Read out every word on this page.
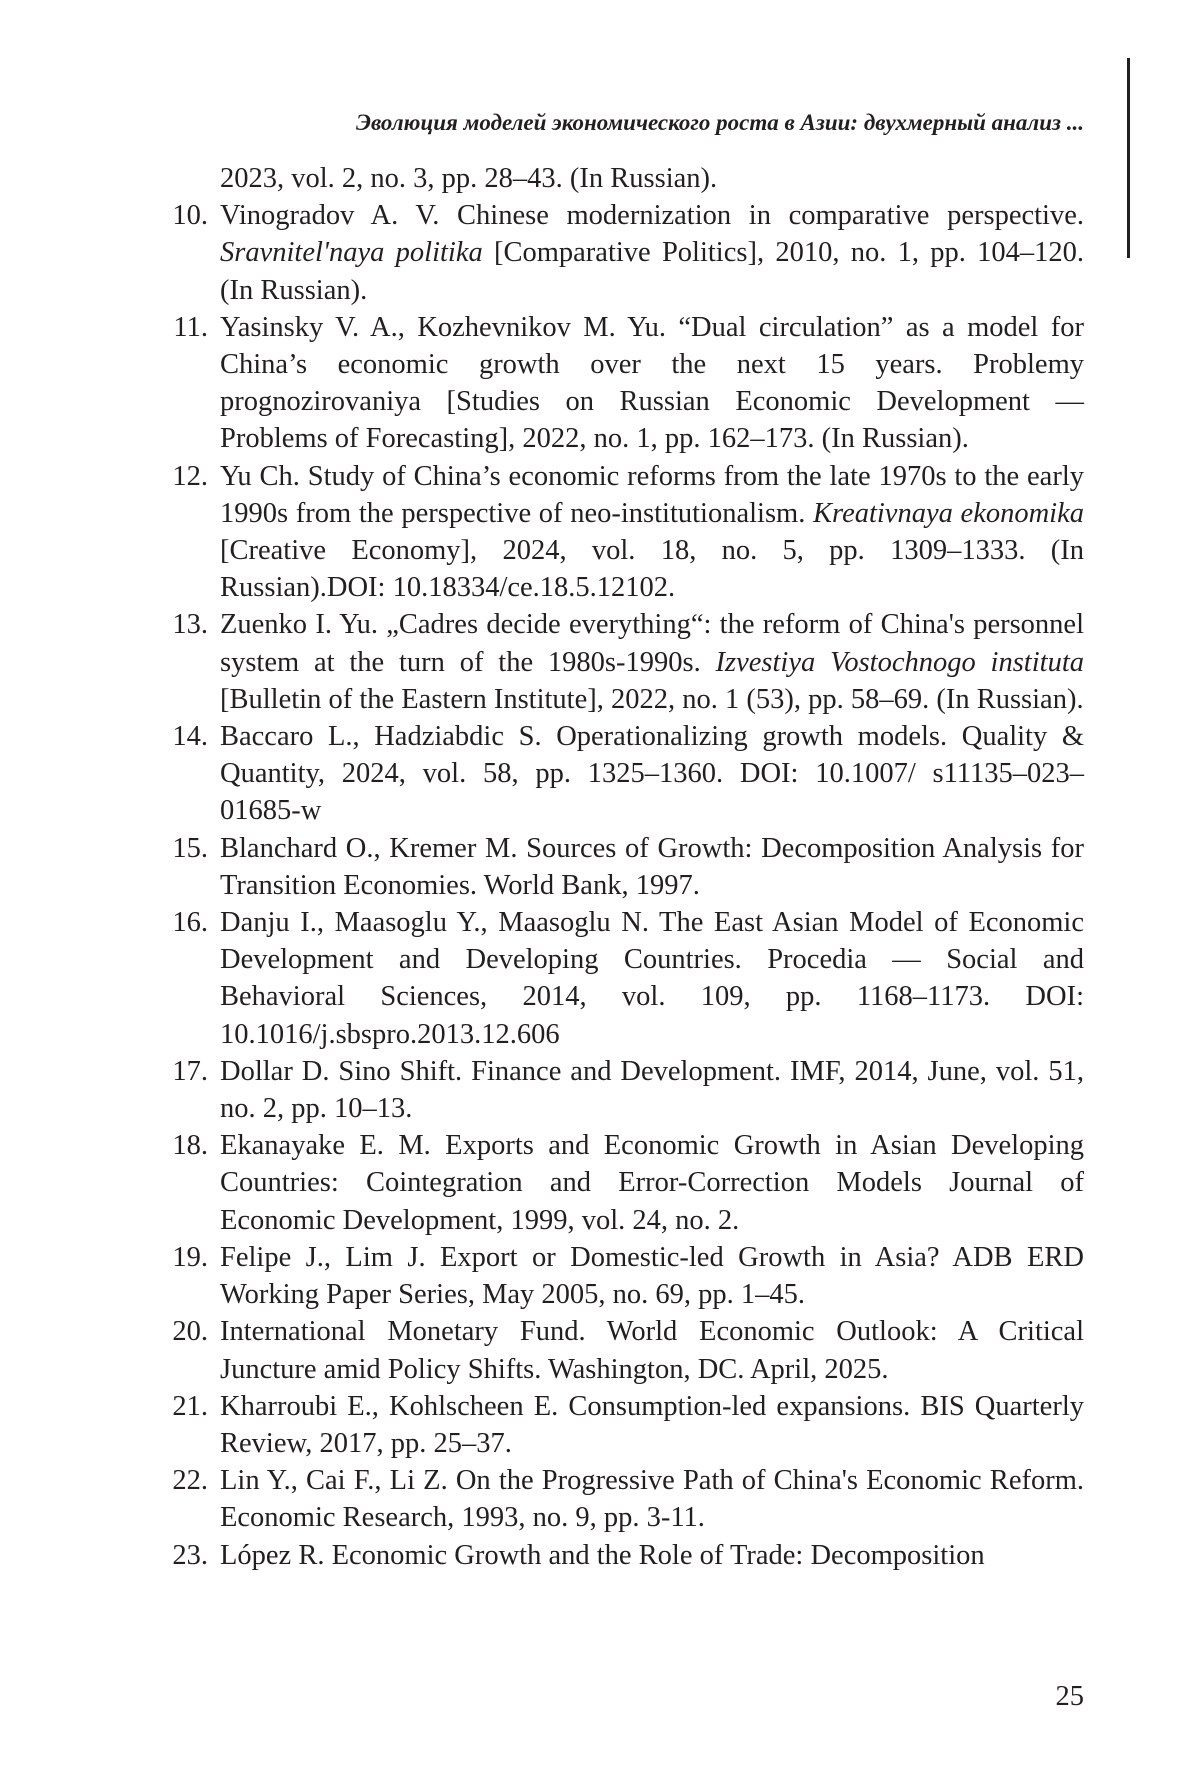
Эволюция моделей экономического роста в Азии: двухмерный анализ ...
2023, vol. 2, no. 3, pp. 28–43. (In Russian).
10. Vinogradov A. V. Chinese modernization in comparative perspective. Sravnitel'naya politika [Comparative Politics], 2010, no. 1, pp. 104–120. (In Russian).
11. Yasinsky V. A., Kozhevnikov M. Yu. “Dual circulation” as a model for China’s economic growth over the next 15 years. Problemy prognozirovaniya [Studies on Russian Economic Development — Problems of Forecasting], 2022, no. 1, pp. 162–173. (In Russian).
12. Yu Ch. Study of China’s economic reforms from the late 1970s to the early 1990s from the perspective of neo-institutionalism. Kreativnaya ekonomika [Creative Economy], 2024, vol. 18, no. 5, pp. 1309–1333. (In Russian).DOI: 10.18334/ce.18.5.12102.
13. Zuenko I. Yu. „Cadres decide everything“: the reform of China's personnel system at the turn of the 1980s-1990s. Izvestiya Vostochnogo instituta [Bulletin of the Eastern Institute], 2022, no. 1 (53), pp. 58–69. (In Russian).
14. Baccaro L., Hadziabdic S. Operationalizing growth models. Quality & Quantity, 2024, vol. 58, pp. 1325–1360. DOI: 10.1007/ s11135–023–01685-w
15. Blanchard O., Kremer M. Sources of Growth: Decomposition Analysis for Transition Economies. World Bank, 1997.
16. Danju I., Maasoglu Y., Maasoglu N. The East Asian Model of Economic Development and Developing Countries. Procedia — Social and Behavioral Sciences, 2014, vol. 109, pp. 1168–1173. DOI: 10.1016/j.sbspro.2013.12.606
17. Dollar D. Sino Shift. Finance and Development. IMF, 2014, June, vol. 51, no. 2, pp. 10–13.
18. Ekanayake E. M. Exports and Economic Growth in Asian Developing Countries: Cointegration and Error-Correction Models Journal of Economic Development, 1999, vol. 24, no. 2.
19. Felipe J., Lim J. Export or Domestic-led Growth in Asia? ADB ERD Working Paper Series, May 2005, no. 69, pp. 1–45.
20. International Monetary Fund. World Economic Outlook: A Critical Juncture amid Policy Shifts. Washington, DC. April, 2025.
21. Kharroubi E., Kohlscheen E. Consumption-led expansions. BIS Quarterly Review, 2017, pp. 25–37.
22. Lin Y., Cai F., Li Z. On the Progressive Path of China's Economic Reform. Economic Research, 1993, no. 9, pp. 3-11.
23. López R. Economic Growth and the Role of Trade: Decomposition
25
